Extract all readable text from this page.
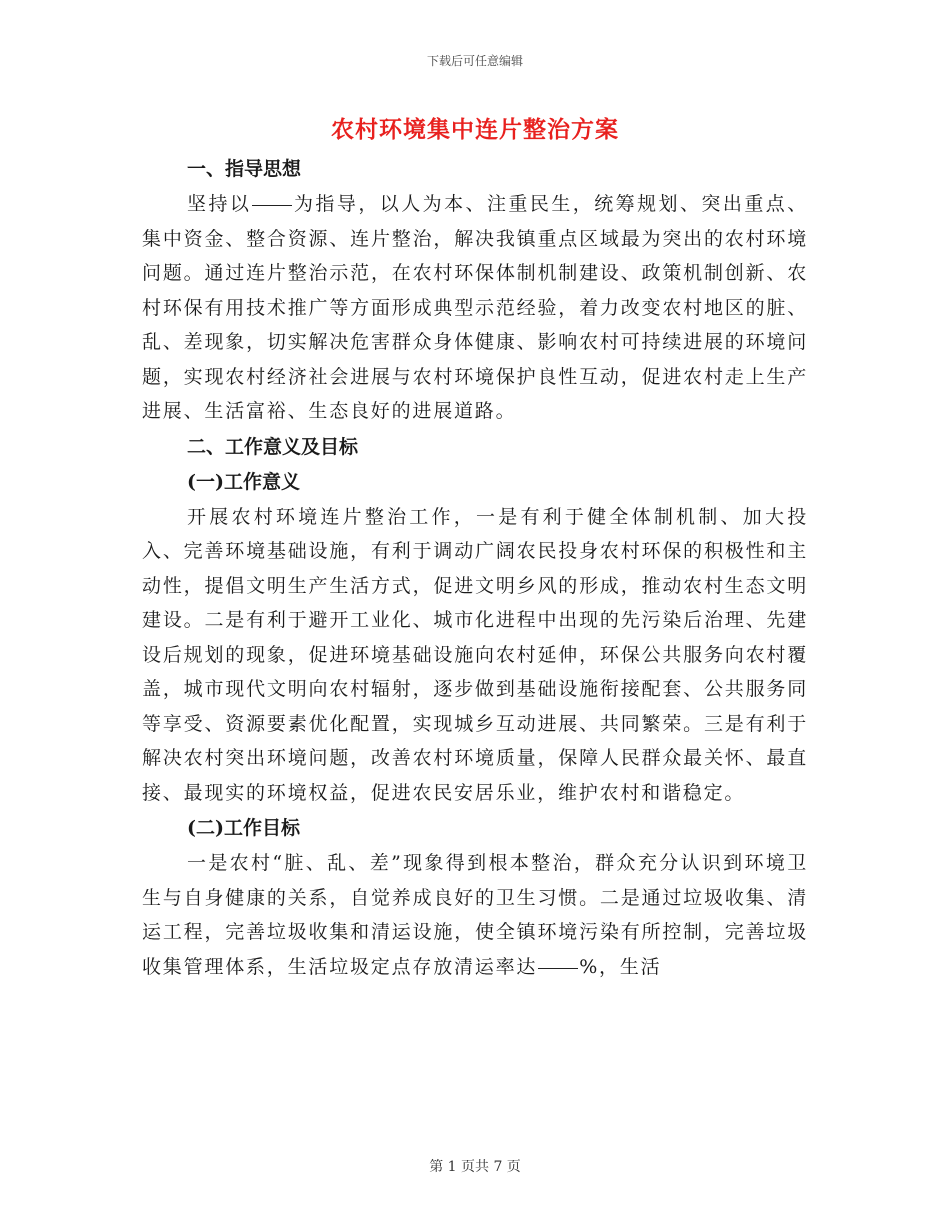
下载后可任意编辑
农村环境集中连片整治方案
一、指导思想

坚持以 为指导，以人为本、注重民生，统筹规划、突出重点、集中资金、整合资源、连片整治，解决我镇重点区域最为突出的农村环境问题。通过连片整治示范，在农村环保体制机制建设、政策机制创新、农村环保有用技术推广等方面形成典型示范经验，着力改变农村地区的脏、乱、差现象，切实解决危害群众身体健康、影响农村可持续进展的环境问题，实现农村经济社会进展与农村环境保护良性互动，促进农村走上生产进展、生活富裕、生态良好的进展道路。

二、工作意义及目标
(一)工作意义

开展农村环境连片整治工作，一是有利于健全体制机制、加大投入、完善环境基础设施，有利于调动广阔农民投身农村环保的积极性和主动性，提倡文明生产生活方式，促进文明乡风的形成，推动农村生态文明建设。二是有利于避开工业化、城市化进程中出现的先污染后治理、先建设后规划的现象，促进环境基础设施向农村延伸，环保公共服务向农村覆盖，城市现代文明向农村辐射，逐步做到基础设施衔接配套、公共服务同等享受、资源要素优化配置，实现城乡互动进展、共同繁荣。三是有利于解决农村突出环境问题，改善农村环境质量，保障人民群众最关怀、最直接、最现实的环境权益，促进农民安居乐业，维护农村和谐稳定。

(二)工作目标

一是农村“脏、乱、差”现象得到根本整治，群众充分认识到环境卫生与自身健康的关系，自觉养成良好的卫生习惯。二是通过垃圾收集、清运工程，完善垃圾收集和清运设施，使全镇环境污染有所控制，完善垃圾收集管理体系，生活垃圾定点存放清运率达 %，生活

第 1 页共 7 页
